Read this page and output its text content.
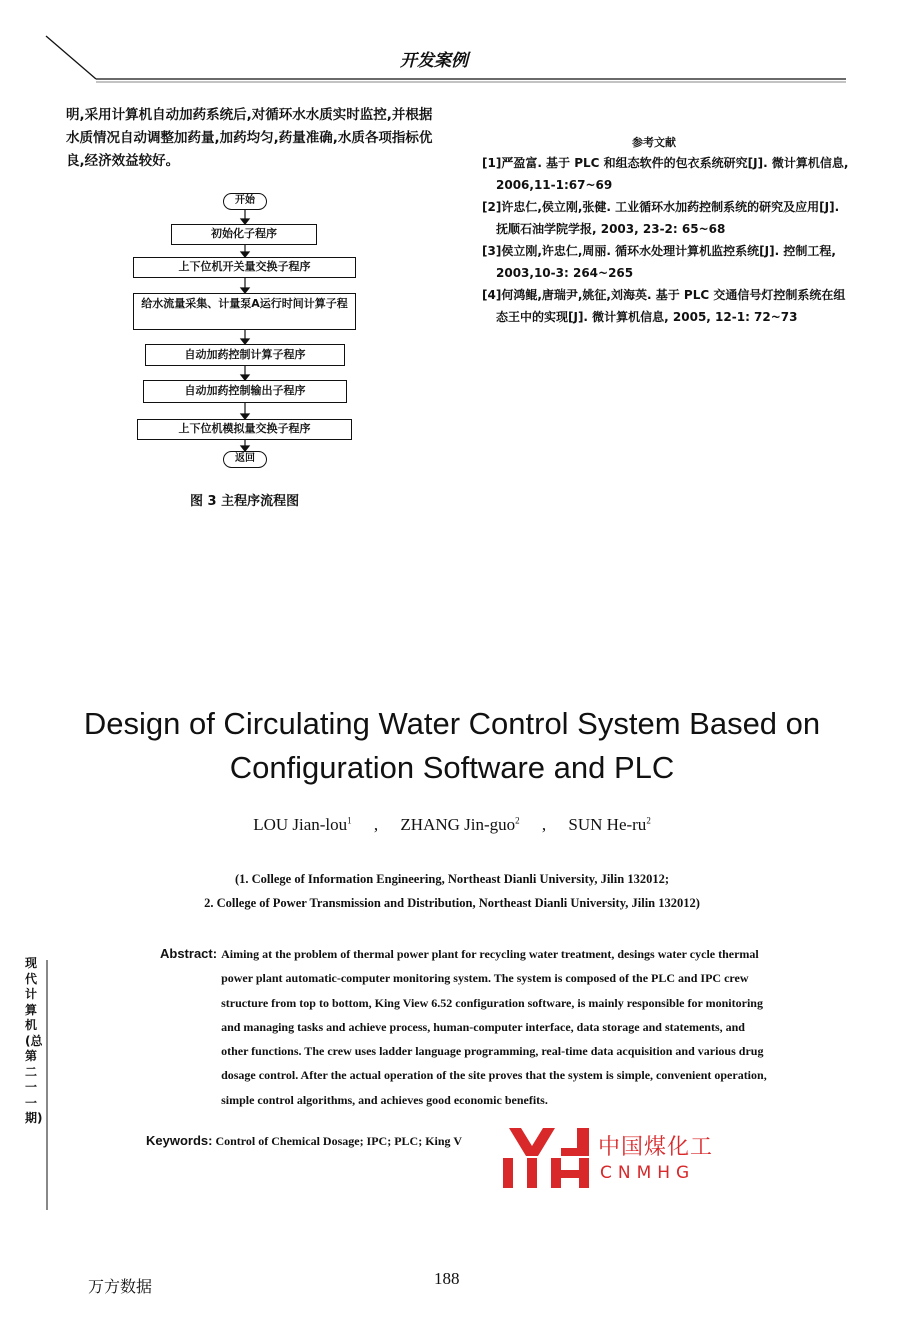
开发案例
明,采用计算机自动加药系统后,对循环水水质实时监控,并根据水质情况自动调整加药量,加药均匀,药量准确,水质各项指标优良,经济效益较好。
开始
初始化子程序
上下位机开关量交换子程序
给水流量采集、计量泵A运行时间计算子程
自动加药控制计算子程序
自动加药控制输出子程序
上下位机模拟量交换子程序
返回
图 3 主程序流程图
参考文献
[1]严盈富. 基于 PLC 和组态软件的包衣系统研究[J]. 微计算机信息, 2006,11-1:67~69
[2]许忠仁,侯立刚,张健. 工业循环水加药控制系统的研究及应用[J]. 抚顺石油学院学报, 2003, 23-2: 65~68
[3]侯立刚,许忠仁,周丽. 循环水处理计算机监控系统[J]. 控制工程, 2003,10-3: 264~265
[4]何鸿鲲,唐瑞尹,姚征,刘海英. 基于 PLC 交通信号灯控制系统在组态王中的实现[J]. 微计算机信息, 2005, 12-1: 72~73
Design of Circulating Water Control System Based on
Configuration Software and PLC
LOU Jian-lou$^1$ , ZHANG Jin-guo$^2$ , SUN $He-ru^2$
(1. College of Information Engineering, Northeast Dianli University, Jilin 132012;
2. College of Power Transmission and Distribution, Northeast Dianli University, Jilin 132012)
Abstract: Aiming at the problem of thermal power plant for recycling water treatment, desings water cycle thermal power plant automatic-computer monitoring system. The system is composed of the PLC and IPC crew structure from top to bottom, King View 6.52 configuration software, is mainly responsible for monitoring and managing tasks and achieve process, human-computer interface, data storage and statements, and other functions. The crew uses ladder language programming, real-time data acquisition and various drug dosage control. After the actual operation of the site proves that the system is simple, convenient operation, simple control algorithms, and achieves good economic benefits.
Keywords: Control of Chemical Dosage; IPC; PLC; King V	中国煤化工
CNMHG
现代计算机(总第二一一期)
万方数据	188
